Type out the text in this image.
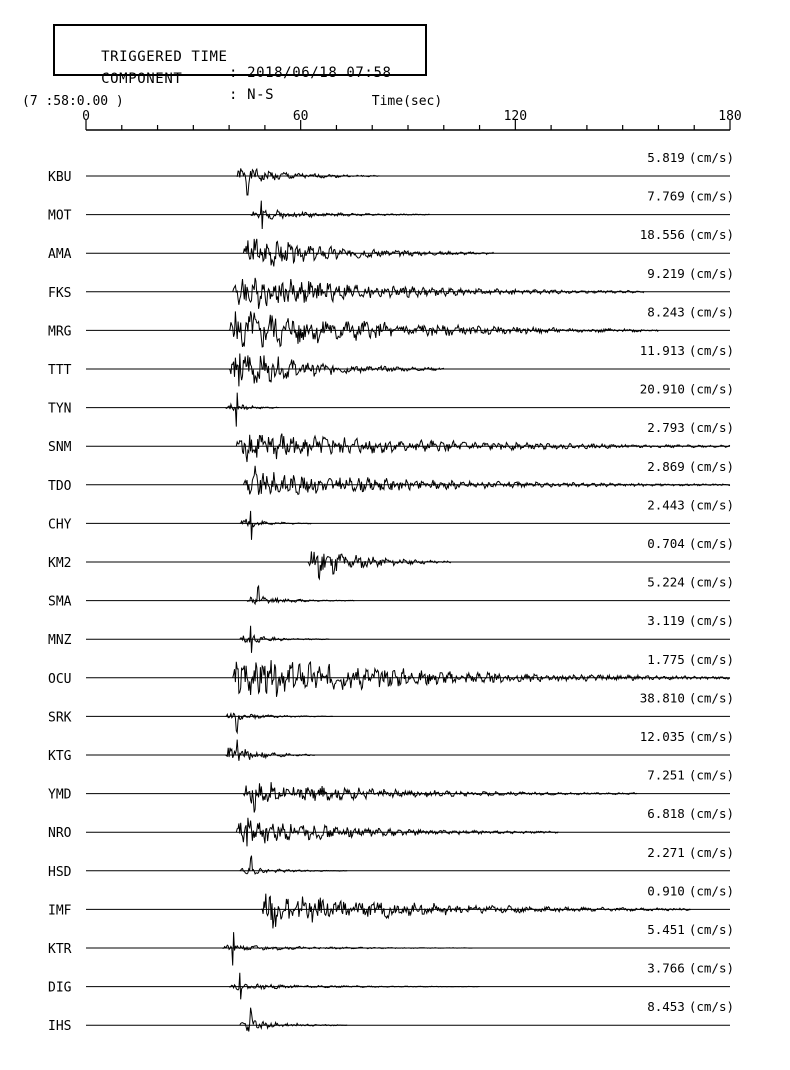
TRIGGERED TIME

: 2018/06/18 07:58

COMPONENT

: N-S

0	60	120	180
Time(sec)
(7 :58:0.00 )
KBU
5.819 (cm/s)
MOT
7.769 (cm/s)
AMA
18.556 (cm/s)
FKS
9.219 (cm/s)
MRG
8.243 (cm/s)
TTT
11.913 (cm/s)
TYN
20.910 (cm/s)
SNM
2.793 (cm/s)
TDO
2.869 (cm/s)
CHY
2.443 (cm/s)
KM2
0.704 (cm/s)
SMA
5.224 (cm/s)
MNZ
3.119 (cm/s)
OCU
1.775 (cm/s)
SRK
38.810 (cm/s)
KTG
12.035 (cm/s)
YMD
7.251 (cm/s)
NRO
6.818 (cm/s)
HSD
2.271 (cm/s)
IMF
0.910 (cm/s)
KTR
5.451 (cm/s)
DIG
3.766 (cm/s)
IHS
8.453 (cm/s)
